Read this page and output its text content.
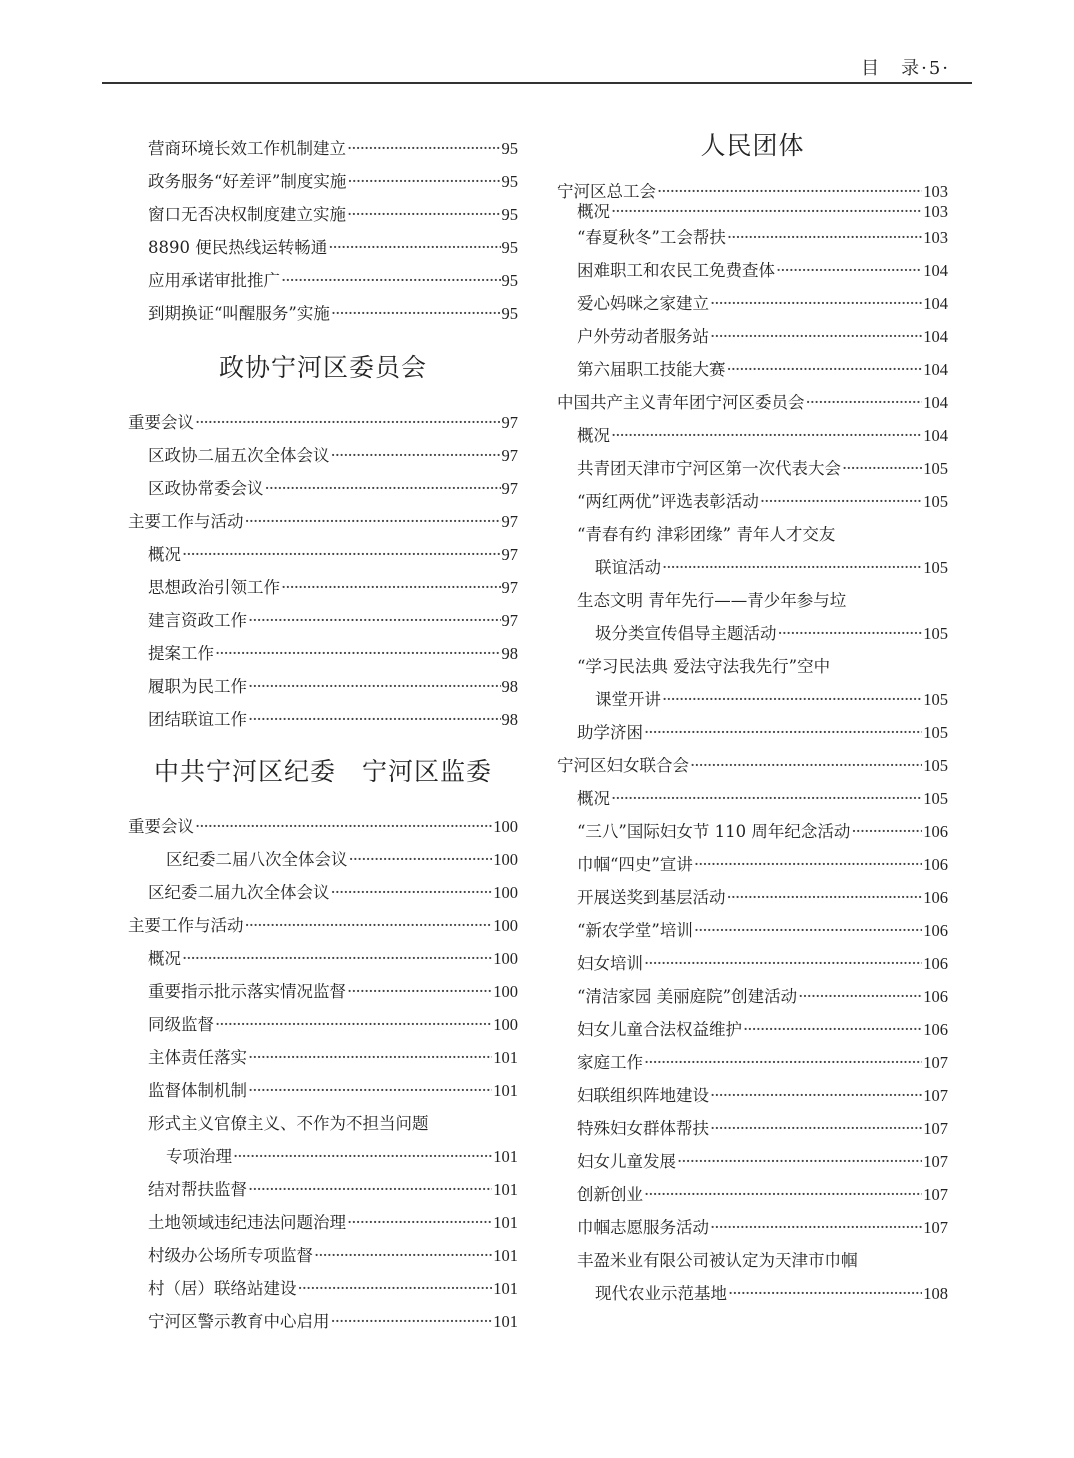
目　录·5·
营商环境长效工作机制建立 ·····	95
政务服务“好差评”制度实施 ·····	95
窗口无否决权制度建立实施 ·····	95
8890 便民热线运转畅通 ·····	95
应用承诺审批推广 ·····	95
到期换证“叫醒服务”实施 ·····	95
政协宁河区委员会
重要会议 ·····	97
区政协二届五次全体会议 ·····	97
区政协常委会议 ·····	97
主要工作与活动 ·····	97
概况 ·····	97
思想政治引领工作 ·····	97
建言资政工作 ·····	97
提案工作 ·····	98
履职为民工作 ·····	98
团结联谊工作 ·····	98
中共宁河区纪委　宁河区监委
重要会议 ·····	100
区纪委二届八次全体会议 ·····	100
区纪委二届九次全体会议 ·····	100
主要工作与活动 ·····	100
概况 ·····	100
重要指示批示落实情况监督 ·····	100
同级监督 ·····	100
主体责任落实 ·····	101
监督体制机制 ·····	101
形式主义官僚主义、不作为不担当问题
专项治理 ·····	101
结对帮扶监督 ·····	101
土地领域违纪违法问题治理 ·····	101
村级办公场所专项监督 ·····	101
村（居）联络站建设 ·····	101
宁河区警示教育中心启用 ·····	101
人民团体
宁河区总工会 ·····	103
概况 ·····	103
“春夏秋冬”工会帮扶 ·····	103
困难职工和农民工免费查体 ·····	104
爱心妈咪之家建立 ·····	104
户外劳动者服务站 ·····	104
第六届职工技能大赛 ·····	104
中国共产主义青年团宁河区委员会 ·····	104
概况 ·····	104
共青团天津市宁河区第一次代表大会 ·····	105
“两红两优”评选表彰活动 ·····	105
“青春有约 津彩团缘” 青年人才交友
联谊活动 ·····	105
生态文明 青年先行——青少年参与垃
圾分类宣传倡导主题活动 ·····	105
“学习民法典 爱法守法我先行”空中
课堂开讲 ·····	105
助学济困 ·····	105
宁河区妇女联合会 ·····	105
概况 ·····	105
“三八”国际妇女节 110 周年纪念活动 ·····	106
巾帼“四史”宣讲 ·····	106
开展送奖到基层活动 ·····	106
“新农学堂”培训 ·····	106
妇女培训 ·····	106
“清洁家园 美丽庭院”创建活动 ·····	106
妇女儿童合法权益维护 ·····	106
家庭工作 ·····	107
妇联组织阵地建设 ·····	107
特殊妇女群体帮扶 ·····	107
妇女儿童发展 ·····	107
创新创业 ·····	107
巾帼志愿服务活动 ·····	107
丰盈米业有限公司被认定为天津市巾帼
现代农业示范基地 ·····	108
